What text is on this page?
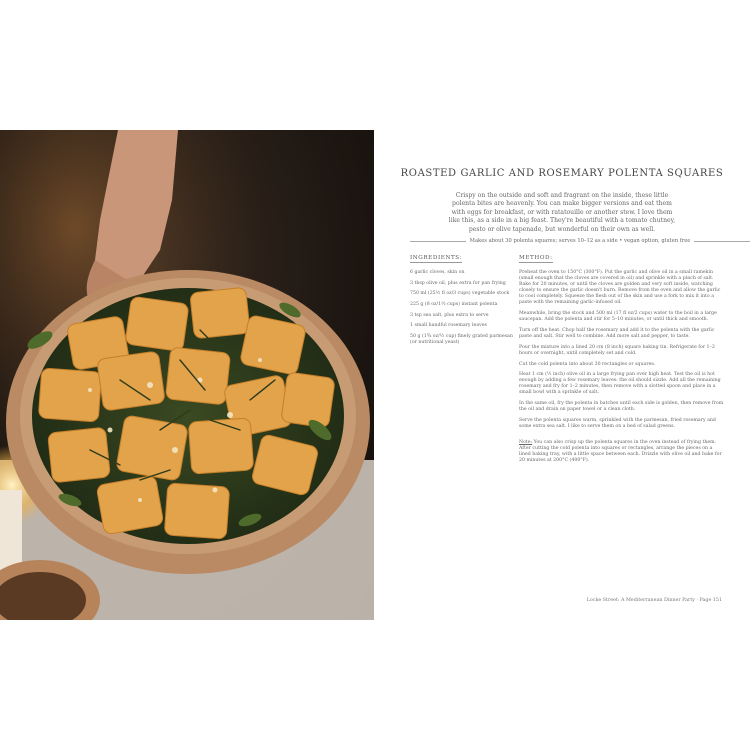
ROASTED GARLIC AND ROSEMARY POLENTA SQUARES
Crispy on the outside and soft and fragrant on the inside, these little polenta bites are heavenly. You can make bigger versions and eat them with eggs for breakfast, or with ratatouille or another stew. I love them like this, as a side in a big feast. They're beautiful with a tomato chutney, pesto or olive tapenade, but wonderful on their own as well.
Makes about 30 polenta squares; serves 10–12 as a side • vegan option, gluten free
INGREDIENTS:	METHOD:
6 garlic cloves, skin on
3 tbsp olive oil, plus extra for pan frying
750 ml (25½ fl oz/3 cups) vegetable stock
225 g (8 oz/1½ cups) instant polenta
3 tsp sea salt, plus extra to serve
1 small handful rosemary leaves
50 g (1¾ oz/½ cup) finely grated parmesan (or nutritional yeast)

Preheat the oven to 150°C (300°F). Put the garlic and olive oil in a small ramekin (small enough that the cloves are covered in oil) and sprinkle with a pinch of salt. Bake for 20 minutes, or until the cloves are golden and very soft inside, watching closely to ensure the garlic doesn't burn. Remove from the oven and allow the garlic to cool completely. Squeeze the flesh out of the skin and use a fork to mix it into a paste with the remaining garlic-infused oil.

Meanwhile, bring the stock and 500 ml (17 fl oz/2 cups) water to the boil in a large saucepan. Add the polenta and stir for 5–10 minutes, or until thick and smooth.

Turn off the heat. Chop half the rosemary and add it to the polenta with the garlic paste and salt. Stir well to combine. Add more salt and pepper, to taste.

Pour the mixture into a lined 20 cm (8 inch) square baking tin. Refrigerate for 1–2 hours or overnight, until completely set and cold.

Cut the cold polenta into about 30 rectangles or squares.

Heat 1 cm (½ inch) olive oil in a large frying pan over high heat. Test the oil is hot enough by adding a few rosemary leaves: the oil should sizzle. Add all the remaining rosemary and fry for 1–2 minutes, then remove with a slotted spoon and place in a small bowl with a sprinkle of salt.

In the same oil, fry the polenta in batches until each side is golden, then remove from the oil and drain on paper towel or a clean cloth.

Serve the polenta squares warm, sprinkled with the parmesan, fried rosemary and some extra sea salt. I like to serve them on a bed of salad greens.

Note: You can also crisp up the polenta squares in the oven instead of frying them. After cutting the cold polenta into squares or rectangles, arrange the pieces on a lined baking tray, with a little space between each. Drizzle with olive oil and bake for 20 minutes at 200°C (400°F).
Locke Street: A Mediterranean Dinner Party · Page 151
